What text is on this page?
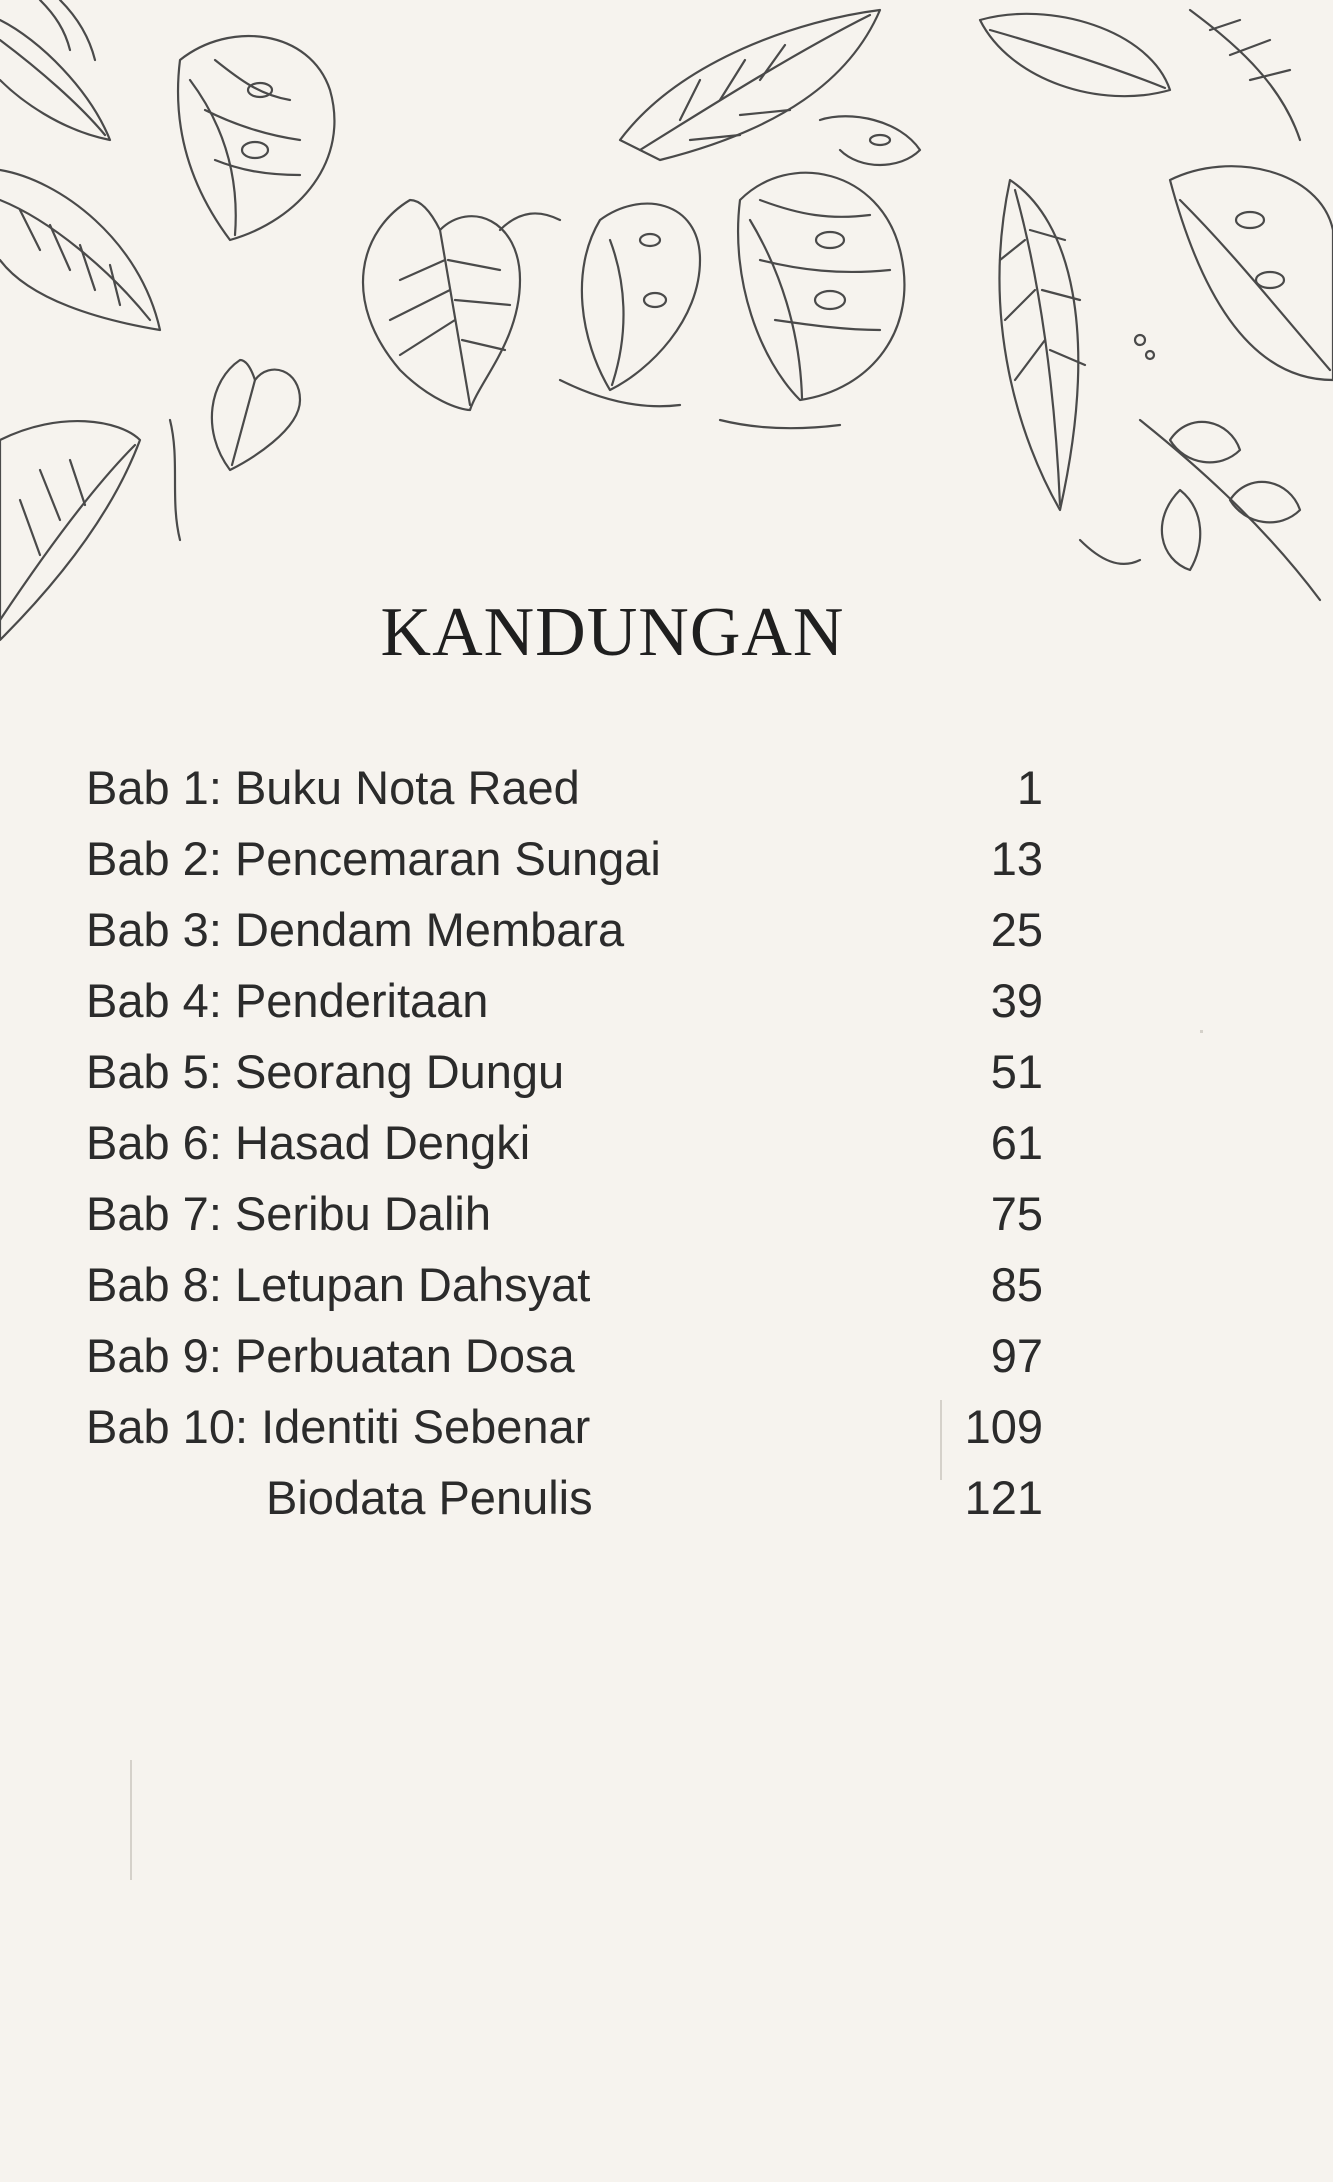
KANDUNGAN
Bab 1: Buku Nota Raed	1
Bab 2: Pencemaran Sungai	13
Bab 3: Dendam Membara	25
Bab 4: Penderitaan	39
Bab 5: Seorang Dungu	51
Bab 6: Hasad Dengki	61
Bab 7: Seribu Dalih	75
Bab 8: Letupan Dahsyat	85
Bab 9: Perbuatan Dosa	97
Bab 10: Identiti Sebenar	109
Biodata Penulis	121
